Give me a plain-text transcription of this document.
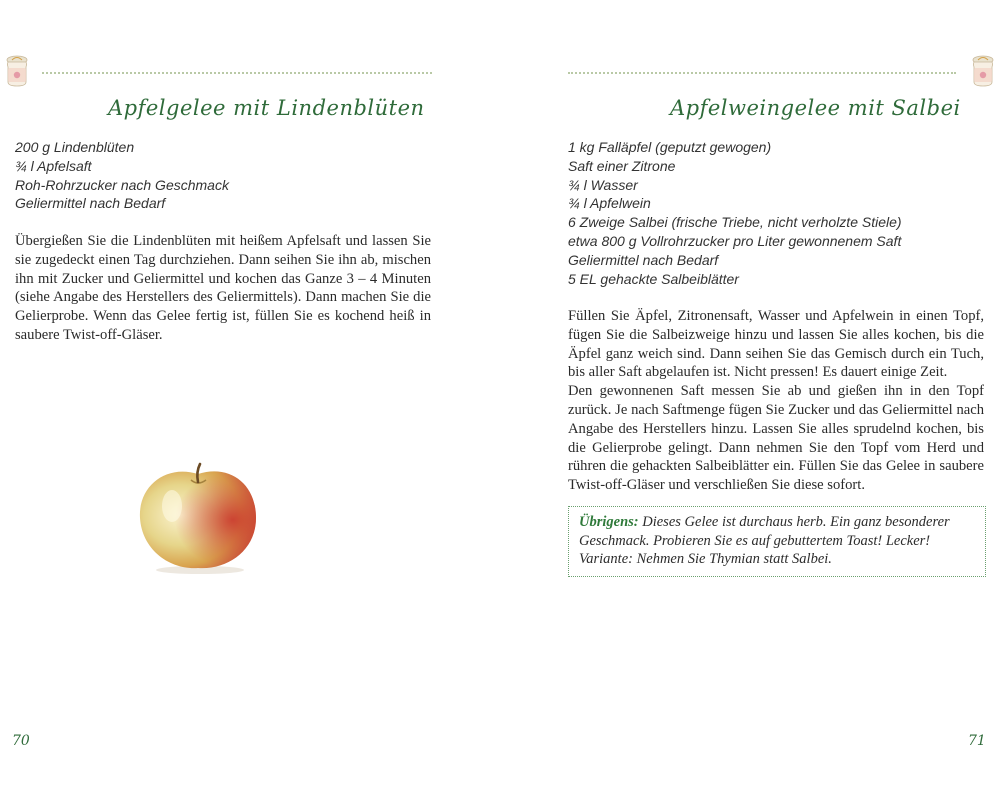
Apfelgelee mit Lindenblüten
200 g Lindenblüten
¾ l Apfelsaft
Roh-Rohrzucker nach Geschmack
Geliermittel nach Bedarf

Übergießen Sie die Lindenblüten mit heißem Apfelsaft und lassen Sie sie zugedeckt einen Tag durchziehen. Dann seihen Sie ihn ab, mischen ihn mit Zucker und Geliermittel und kochen das Ganze 3 – 4 Minuten (siehe Angabe des Herstellers des Geliermittels). Dann machen Sie die Gelierprobe. Wenn das Gelee fertig ist, füllen Sie es kochend heiß in saubere Twist-off-Gläser.

70
Apfelweingelee mit Salbei
1 kg Falläpfel (geputzt gewogen)
Saft einer Zitrone
¾ l Wasser
¾ l Apfelwein
6 Zweige Salbei (frische Triebe, nicht verholzte Stiele)
etwa 800 g Vollrohrzucker pro Liter gewonnenem Saft
Geliermittel nach Bedarf
5 EL gehackte Salbeiblätter
Füllen Sie Äpfel, Zitronensaft, Wasser und Apfelwein in einen Topf, fügen Sie die Salbeizweige hinzu und lassen Sie alles kochen, bis die Äpfel ganz weich sind. Dann seihen Sie das Gemisch durch ein Tuch, bis aller Saft abgelaufen ist. Nicht pressen! Es dauert einige Zeit.
Den gewonnenen Saft messen Sie ab und gießen ihn in den Topf zurück. Je nach Saftmenge fügen Sie Zucker und das Geliermittel nach Angabe des Herstellers hinzu. Lassen Sie alles sprudelnd kochen, bis die Gelierprobe gelingt. Dann nehmen Sie den Topf vom Herd und rühren die gehackten Salbeiblätter ein. Füllen Sie das Gelee in saubere Twist-off-Gläser und verschließen Sie diese sofort.
Übrigens: Dieses Gelee ist durchaus herb. Ein ganz besonderer Geschmack. Probieren Sie es auf gebuttertem Toast! Lecker!
Variante: Nehmen Sie Thymian statt Salbei.
71
